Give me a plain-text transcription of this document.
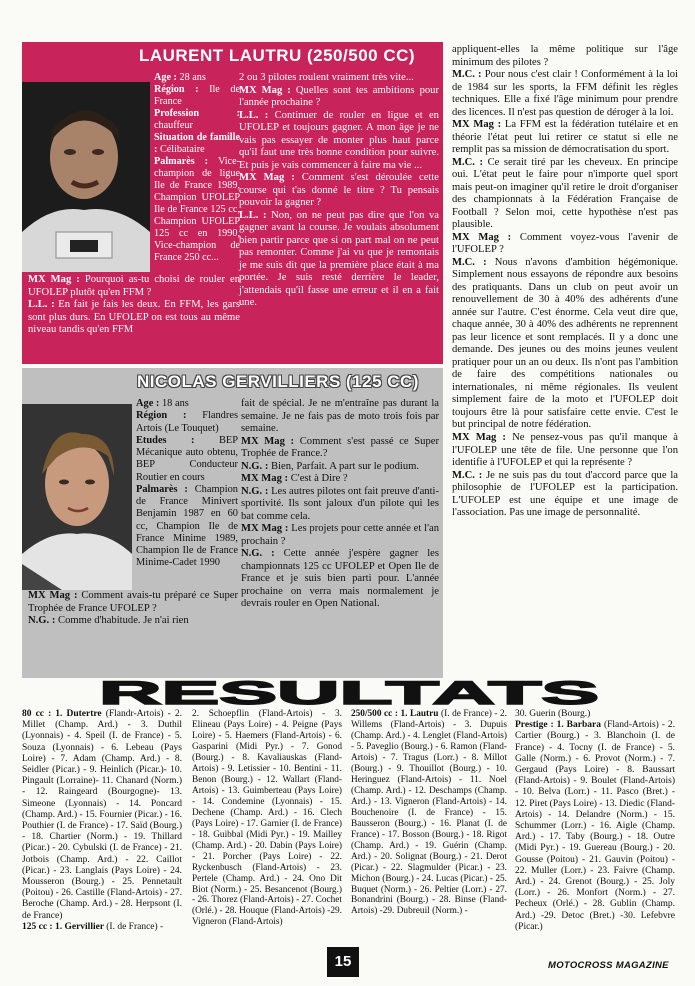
LAURENT LAUTRU (250/500 CC)

Age : 28 ans

Région : Ile de France

Profession : chauffeur

Situation de famille : Célibataire

Palmarès : Vice-champion de ligue Ile de France 1989, Champion UFOLEP Ile de France 125 cc, Champion UFOLEP 125 cc en 1990, Vice-champion de France 250 cc...

MX Mag : Pourquoi as-tu choisi de rouler en UFOLEP plutôt qu'en FFM ?

L.L. : En fait je fais les deux. En FFM, les gars sont plus durs. En UFOLEP on est tous au même niveau tandis qu'en FFM

2 ou 3 pilotes roulent vraiment très vite...

MX Mag : Quelles sont tes ambitions pour l'année prochaine ?

L.L. : Continuer de rouler en ligue et en UFOLEP et toujours gagner. A mon âge je ne vais pas essayer de monter plus haut parce qu'il faut une très bonne condition pour suivre. Et puis je vais commencer à faire ma vie ...

MX Mag : Comment s'est déroulée cette course qui t'as donné le titre ? Tu pensais pouvoir la gagner ?

L.L. : Non, on ne peut pas dire que l'on va gagner avant la course. Je voulais absolument bien partir parce que si on part mal on ne peut pas remonter. Comme j'ai vu que je remontais je me suis dit que la première place était à ma portée. Je suis resté derrière le leader, j'attendais qu'il fasse une erreur et il en a fait une.

NICOLAS GERVILLIERS (125 CC)

Age : 18 ans

Région : Flandres Artois (Le Touquet)

Etudes : BEP Mécanique auto obtenu, BEP Conducteur Routier en cours

Palmarès : Champion de France Minivert Benjamin 1987 en 60 cc, Champion Ile de France Minime 1989, Champion Ile de France Minime-Cadet 1990

MX Mag : Comment avais-tu préparé ce Super Trophée de France UFOLEP ?

N.G. : Comme d'habitude. Je n'ai rien

fait de spécial. Je ne m'entraîne pas durant la semaine. Je ne fais pas de moto trois fois par semaine.

MX Mag : Comment s'est passé ce Super Trophée de France.?

N.G. : Bien, Parfait. A part sur le podium.

MX Mag : C'est à Dire ?

N.G. : Les autres pilotes ont fait preuve d'anti-sportivité. Ils sont jaloux d'un pilote qui les bat comme cela.

MX Mag : Les projets pour cette année et l'an prochain ?

N.G. : Cette année j'espère gagner les championnats 125 cc UFOLEP et Open Ile de France et je suis bien parti pour. L'année prochaine on verra mais normalement je devrais rouler en Open National.

appliquent-elles la même politique sur l'âge minimum des pilotes ?

M.C. : Pour nous c'est clair ! Conformément à la loi de 1984 sur les sports, la FFM définit les règles techniques. Elle a fixé l'âge minimum pour prendre des licences. Il n'est pas question de déroger à la loi.

MX Mag : La FFM est la fédération tutélaire et en théorie l'état peut lui retirer ce statut si elle ne remplit pas sa mission de démocratisation du sport.

M.C. : Ce serait tiré par les cheveux. En principe oui. L'état peut le faire pour n'importe quel sport mais peut-on imaginer qu'il retire le droit d'organiser des championnats à la Fédération Française de Football ? Selon moi, cette hypothèse n'est pas plausible.

MX Mag : Comment voyez-vous l'avenir de l'UFOLEP ?

M.C. : Nous n'avons d'ambition hégémonique. Simplement nous essayons de répondre aux besoins des pratiquants. Dans un club on peut avoir un renouvellement de 30 à 40% des adhérents d'une année sur l'autre. C'est énorme. Cela veut dire que, chaque année, 30 à 40% des adhérents ne reprennent pas leur licence et sont remplacés. Il y a donc une demande. Des jeunes ou des moins jeunes veulent pratiquer pour un an ou deux. Ils n'ont pas l'ambition de faire des compétitions nationales ou internationales, ni même régionales. Ils veulent simplement faire de la moto et l'UFOLEP doit toujours être là pour satisfaire cette envie. C'est le but principal de notre fédération.

MX Mag : Ne pensez-vous pas qu'il manque à l'UFOLEP une tête de file. Une personne que l'on identifie à l'UFOLEP et qui la représente ?

M.C. : Je ne suis pas du tout d'accord parce que la philosophie de l'UFOLEP est la participation. L'UFOLEP est une équipe et une image de l'association. Pas une image de personnalité.

RESULTATS

80 cc : 1. Dutertre (Flandr-Artois) - 2. Millet (Champ. Ard.) - 3. Duthil (Lyonnais) - 4. Speil (I. de France) - 5. Souza (Lyonnais) - 6. Lebeau (Pays Loire) - 7. Adam (Champ. Ard.) - 8. Seidler (Picar.) - 9. Heinlich (Picar.)- 10. Pingault (Lorraine)- 11. Chanard (Norm.) - 12. Raingeard (Bourgogne)- 13. Simeone (Lyonnais) - 14. Poncard (Champ. Ard.) - 15. Fournier (Picar.) - 16. Pouthier (I. de France) - 17. Saïd (Bourg.) - 18. Chartier (Norm.) - 19. Thillard (Picar.) - 20. Cybulski (I. de France) - 21. Jotbois (Champ. Ard.) - 22. Caillot (Picar.) - 23. Langlais (Pays Loire) - 24. Mousseron (Bourg.) - 25. Pennetault (Poitou) - 26. Castille (Fland-Artois) - 27. Beroche (Champ. Ard.) - 28. Herpsont (I. de France)

125 cc : 1. Gervillier (I. de France) -

2. Schoepflin (Fland-Artois) - 3. Elineau (Pays Loire) - 4. Peigne (Pays Loire) - 5. Haemers (Fland-Artois) - 6. Gasparini (Midi Pyr.) - 7. Gonod (Bourg.) - 8. Kavaliauskas (Fland-Artois) - 9. Letissier - 10. Bentini - 11. Benon (Bourg.) - 12. Wallart (Fland-Artois) - 13. Guimberteau (Pays Loire) - 14. Condemine (Lyonnais) - 15. Dechene (Champ. Ard.) - 16. Clech (Pays Loire) - 17. Garnier (I. de France) - 18. Guibbal (Midi Pyr.) - 19. Mailley (Champ. Ard.) - 20. Dabin (Pays Loire) - 21. Porcher (Pays Loire) - 22. Ryckenbusch (Fland-Artois) - 23. Pertele (Champ. Ard.) - 24. Ono Dit Biot (Norm.) - 25. Besancenot (Bourg.) - 26. Thorez (Fland-Artois) - 27. Cochet (Orlé.) - 28. Houque (Fland-Artois) -29. Vigneron (Fland-Artois)

250/500 cc : 1. Lautru (I. de France) - 2. Willems (Fland-Artois) - 3. Dupuis (Champ. Ard.) - 4. Lenglet (Fland-Artois) - 5. Paveglio (Bourg.) - 6. Ramon (Fland-Artois) - 7. Tragus (Lorr.) - 8. Millot (Bourg.) - 9. Thouillot (Bourg.) - 10. Heringuez (Fland-Artois) - 11. Noel (Champ. Ard.) - 12. Deschamps (Champ. Ard.) - 13. Vigneron (Fland-Artois) - 14. Bouchenoire (I. de France) - 15. Bausseron (Bourg.) - 16. Planat (I. de France) - 17. Bosson (Bourg.) - 18. Rigot (Champ. Ard.) - 19. Guérin (Champ. Ard.) - 20. Solignat (Bourg.) - 21. Derot (Picar.) - 22. Slagmulder (Picar.) - 23. Michon (Bourg.) - 24. Lucas (Picar.) - 25. Buquet (Norm.) - 26. Peltier (Lorr.) - 27. Bonandrini (Bourg.) - 28. Binse (Fland-Artois) -29. Dubreuil (Norm.) -

30. Guerin (Bourg.)

Prestige : 1. Barbara (Fland-Artois) - 2. Cartier (Bourg.) - 3. Blanchoin (I. de France) - 4. Tocny (I. de France) - 5. Galle (Norm.) - 6. Provot (Norm.) - 7. Gergaud (Pays Loire) - 8. Baussart (Fland-Artois) - 9. Boulet (Fland-Artois) - 10. Belva (Lorr.) - 11. Pasco (Bret.) - 12. Piret (Pays Loire) - 13. Diedic (Fland-Artois) - 14. Delandre (Norm.) - 15. Schummer (Lorr.) - 16. Aigle (Champ. Ard.) - 17. Taby (Bourg.) - 18. Outre (Midi Pyr.) - 19. Guereau (Bourg.) - 20. Gousse (Poitou) - 21. Gauvin (Poitou) - 22. Muller (Lorr.) - 23. Faivre (Champ. Ard.) - 24. Grenot (Bourg.) - 25. Joly (Lorr.) - 26. Monfort (Norm.) - 27. Pecheux (Orlé.) - 28. Gublin (Champ. Ard.) -29. Detoc (Bret.) -30. Lefebvre (Picar.)

15	MOTOCROSS MAGAZINE
